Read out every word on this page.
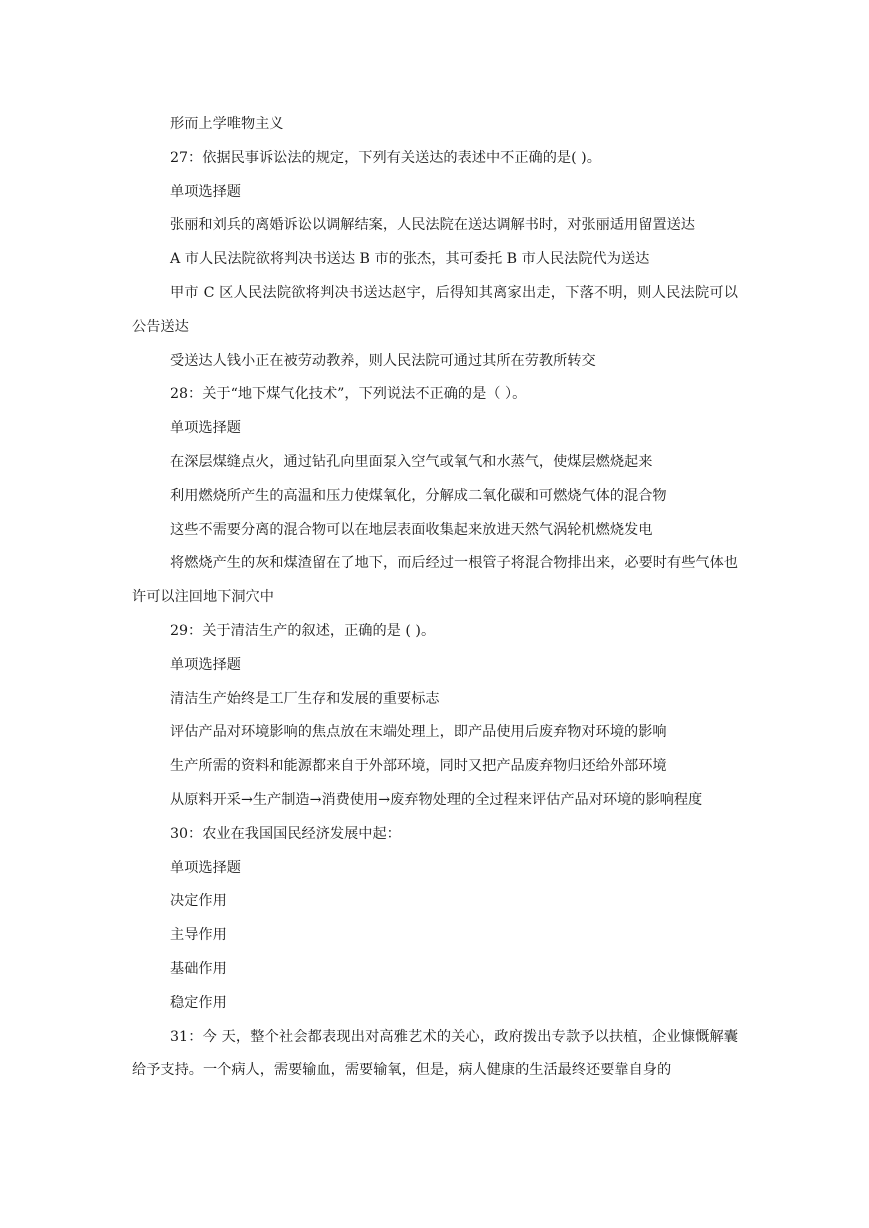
形而上学唯物主义

27：依据民事诉讼法的规定，下列有关送达的表述中不正确的是( )。

单项选择题

张丽和刘兵的离婚诉讼以调解结案，人民法院在送达调解书时，对张丽适用留置送达

A 市人民法院欲将判决书送达 B 市的张杰，其可委托 B 市人民法院代为送达

甲市 C 区人民法院欲将判决书送达赵宇，后得知其离家出走，下落不明，则人民法院可以公告送达

受送达人钱小正在被劳动教养，则人民法院可通过其所在劳教所转交

28：关于“地下煤气化技术”，下列说法不正确的是（ ）。

单项选择题

在深层煤缝点火，通过钻孔向里面泵入空气或氧气和水蒸气，使煤层燃烧起来

利用燃烧所产生的高温和压力使煤氧化，分解成二氧化碳和可燃烧气体的混合物

这些不需要分离的混合物可以在地层表面收集起来放进天然气涡轮机燃烧发电

将燃烧产生的灰和煤渣留在了地下，而后经过一根管子将混合物排出来，必要时有些气体也许可以注回地下洞穴中

29：关于清洁生产的叙述，正确的是 ( )。

单项选择题

清洁生产始终是工厂生存和发展的重要标志

评估产品对环境影响的焦点放在末端处理上，即产品使用后废弃物对环境的影响

生产所需的资料和能源都来自于外部环境，同时又把产品废弃物归还给外部环境

从原料开采→生产制造→消费使用→废弃物处理的全过程来评估产品对环境的影响程度

30：农业在我国国民经济发展中起：

单项选择题

决定作用

主导作用

基础作用

稳定作用

31：今 天，整个社会都表现出对高雅艺术的关心，政府拨出专款予以扶植，企业慷慨解囊给予支持。一个病人，需要输血，需要输氧，但是，病人健康的生活最终还要靠自身的
